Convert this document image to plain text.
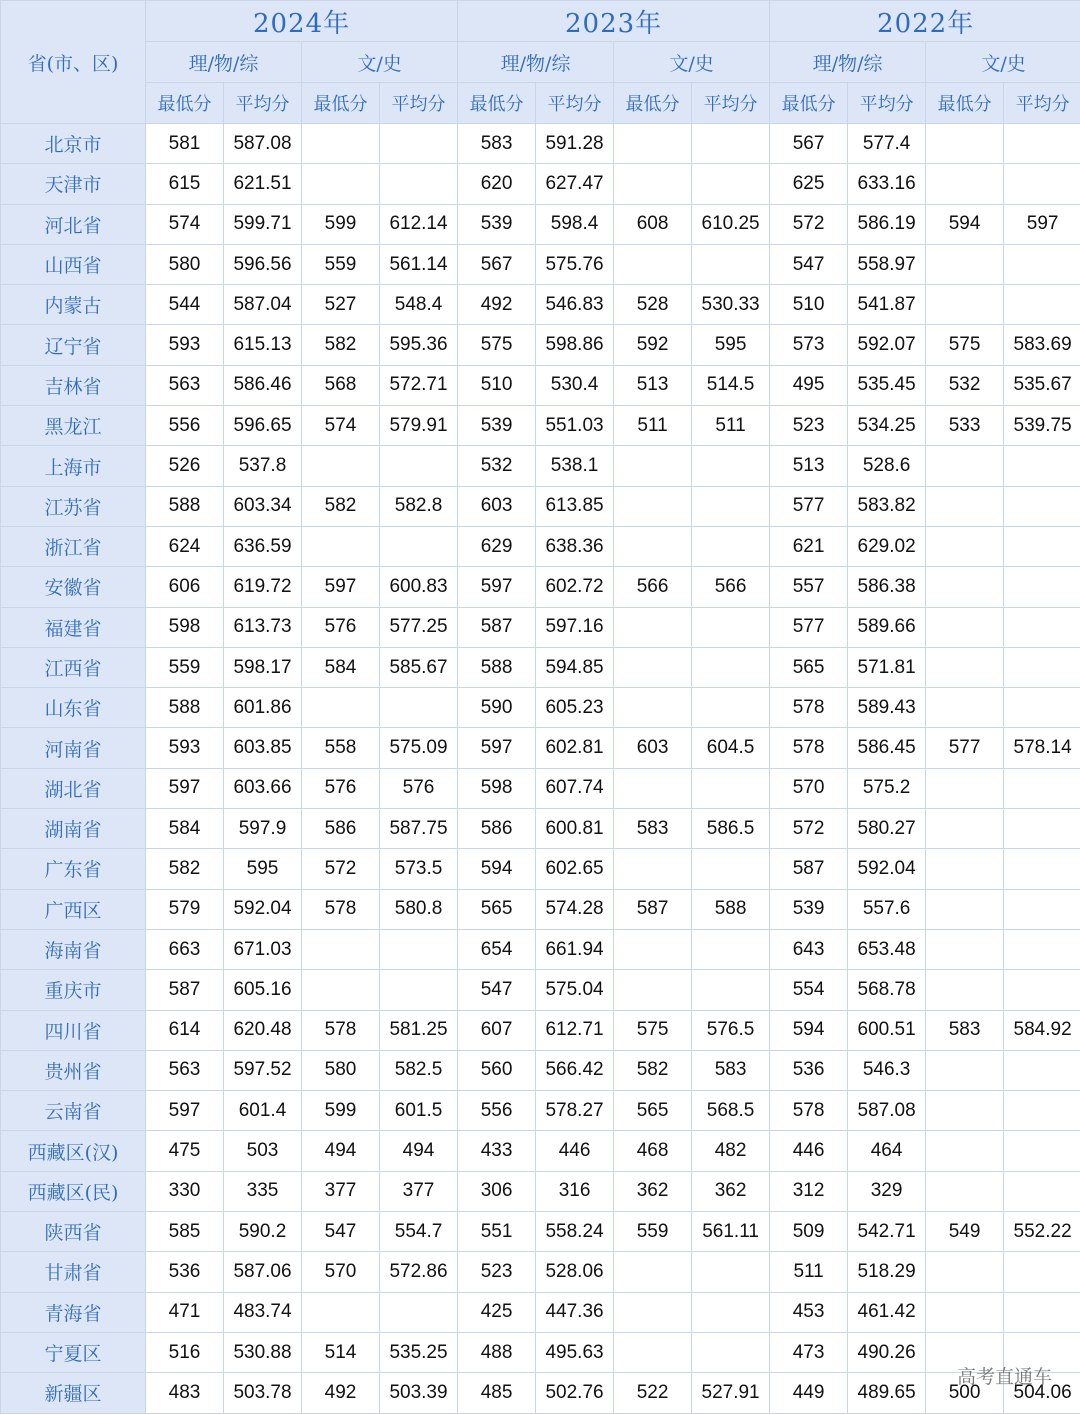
省(市、区)	2024年				2023年				2022年			
	理/物/综		文/史		理/物/综		文/史		理/物/综		文/史	
	最低分	平均分	最低分	平均分	最低分	平均分	最低分	平均分	最低分	平均分	最低分	平均分
北京市	581	587.08			583	591.28			567	577.4		
天津市	615	621.51			620	627.47			625	633.16		
河北省	574	599.71	599	612.14	539	598.4	608	610.25	572	586.19	594	597
山西省	580	596.56	559	561.14	567	575.76			547	558.97		
内蒙古	544	587.04	527	548.4	492	546.83	528	530.33	510	541.87		
辽宁省	593	615.13	582	595.36	575	598.86	592	595	573	592.07	575	583.69
吉林省	563	586.46	568	572.71	510	530.4	513	514.5	495	535.45	532	535.67
黑龙江	556	596.65	574	579.91	539	551.03	511	511	523	534.25	533	539.75
上海市	526	537.8			532	538.1			513	528.6		
江苏省	588	603.34	582	582.8	603	613.85			577	583.82		
浙江省	624	636.59			629	638.36			621	629.02		
安徽省	606	619.72	597	600.83	597	602.72	566	566	557	586.38		
福建省	598	613.73	576	577.25	587	597.16			577	589.66		
江西省	559	598.17	584	585.67	588	594.85			565	571.81		
山东省	588	601.86			590	605.23			578	589.43		
河南省	593	603.85	558	575.09	597	602.81	603	604.5	578	586.45	577	578.14
湖北省	597	603.66	576	576	598	607.74			570	575.2		
湖南省	584	597.9	586	587.75	586	600.81	583	586.5	572	580.27		
广东省	582	595	572	573.5	594	602.65			587	592.04		
广西区	579	592.04	578	580.8	565	574.28	587	588	539	557.6		
海南省	663	671.03			654	661.94			643	653.48		
重庆市	587	605.16			547	575.04			554	568.78		
四川省	614	620.48	578	581.25	607	612.71	575	576.5	594	600.51	583	584.92
贵州省	563	597.52	580	582.5	560	566.42	582	583	536	546.3		
云南省	597	601.4	599	601.5	556	578.27	565	568.5	578	587.08		
西藏区(汉)	475	503	494	494	433	446	468	482	446	464		
西藏区(民)	330	335	377	377	306	316	362	362	312	329		
陕西省	585	590.2	547	554.7	551	558.24	559	561.11	509	542.71	549	552.22
甘肃省	536	587.06	570	572.86	523	528.06			511	518.29		
青海省	471	483.74			425	447.36			453	461.42		
宁夏区	516	530.88	514	535.25	488	495.63			473	490.26		
新疆区	483	503.78	492	503.39	485	502.76	522	527.91	449	489.65	500	504.06
高考直通车
